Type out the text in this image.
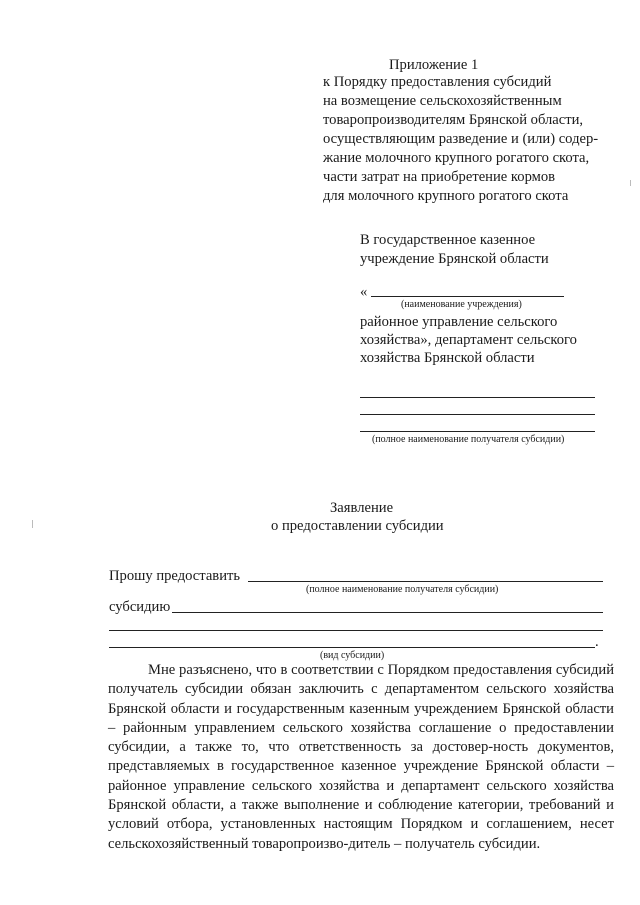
Приложение 1
к Порядку предоставления субсидий
на возмещение сельскохозяйственным
товаропроизводителям Брянской области,
осуществляющим разведение и (или) содер-
жание молочного крупного рогатого скота,
части затрат на приобретение кормов
для молочного крупного рогатого скота
В государственное казенное
учреждение Брянской области
«
(наименование учреждения)
районное управление сельского
хозяйства», департамент сельского
хозяйства Брянской области
(полное наименование получателя субсидии)
Заявление
о предоставлении субсидии
Прошу предоставить
(полное наименование получателя субсидии)
субсидию
.
(вид субсидии)
Мне разъяснено, что в соответствии с Порядком предоставления субсидий получатель субсидии обязан заключить с департаментом сельского хозяйства Брянской области и государственным казенным учреждением Брянской области – районным управлением сельского хозяйства соглашение о предоставлении субсидии, а также то, что ответственность за достовер-ность документов, представляемых в государственное казенное учреждение Брянской области – районное управление сельского хозяйства и департамент сельского хозяйства Брянской области, а также выполнение и соблюдение категории, требований и условий отбора, установленных настоящим Порядком и соглашением, несет сельскохозяйственный товаропроизво-дитель – получатель субсидии.
